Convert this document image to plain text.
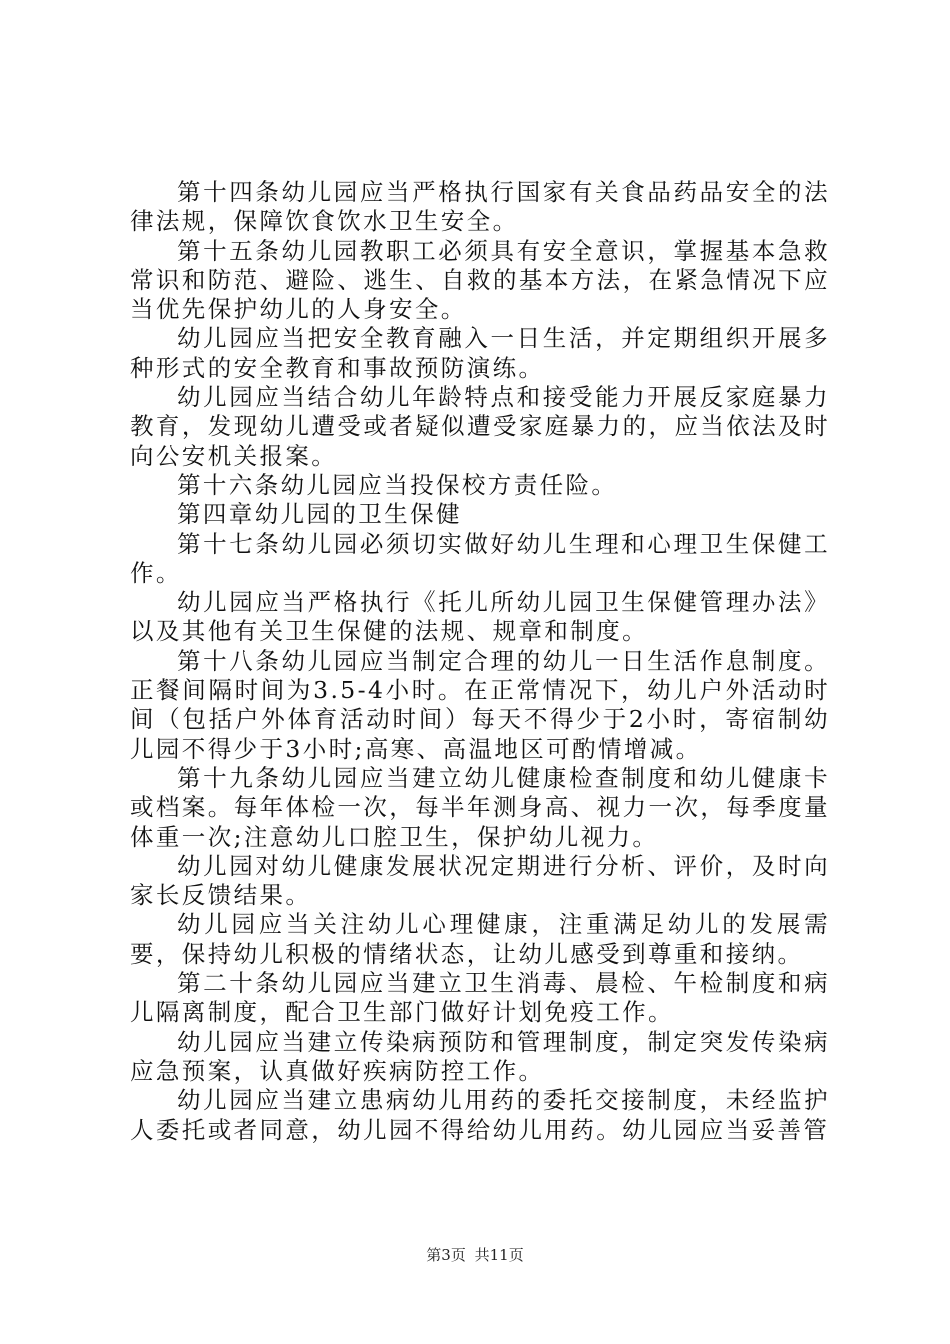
第十四条幼儿园应当严格执行国家有关食品药品安全的法律法规，保障饮食饮水卫生安全。

第十五条幼儿园教职工必须具有安全意识，掌握基本急救常识和防范、避险、逃生、自救的基本方法，在紧急情况下应当优先保护幼儿的人身安全。

幼儿园应当把安全教育融入一日生活，并定期组织开展多种形式的安全教育和事故预防演练。

幼儿园应当结合幼儿年龄特点和接受能力开展反家庭暴力教育，发现幼儿遭受或者疑似遭受家庭暴力的，应当依法及时向公安机关报案。

第十六条幼儿园应当投保校方责任险。

第四章幼儿园的卫生保健

第十七条幼儿园必须切实做好幼儿生理和心理卫生保健工作。

幼儿园应当严格执行《托儿所幼儿园卫生保健管理办法》以及其他有关卫生保健的法规、规章和制度。

第十八条幼儿园应当制定合理的幼儿一日生活作息制度。正餐间隔时间为3.5-4小时。在正常情况下，幼儿户外活动时间（包括户外体育活动时间）每天不得少于2小时，寄宿制幼儿园不得少于3小时;高寒、高温地区可酌情增减。

第十九条幼儿园应当建立幼儿健康检查制度和幼儿健康卡或档案。每年体检一次，每半年测身高、视力一次，每季度量体重一次;注意幼儿口腔卫生，保护幼儿视力。

幼儿园对幼儿健康发展状况定期进行分析、评价，及时向家长反馈结果。

幼儿园应当关注幼儿心理健康，注重满足幼儿的发展需要，保持幼儿积极的情绪状态，让幼儿感受到尊重和接纳。

第二十条幼儿园应当建立卫生消毒、晨检、午检制度和病儿隔离制度，配合卫生部门做好计划免疫工作。

幼儿园应当建立传染病预防和管理制度，制定突发传染病应急预案，认真做好疾病防控工作。

幼儿园应当建立患病幼儿用药的委托交接制度，未经监护人委托或者同意，幼儿园不得给幼儿用药。幼儿园应当妥善管

第3页 共11页
